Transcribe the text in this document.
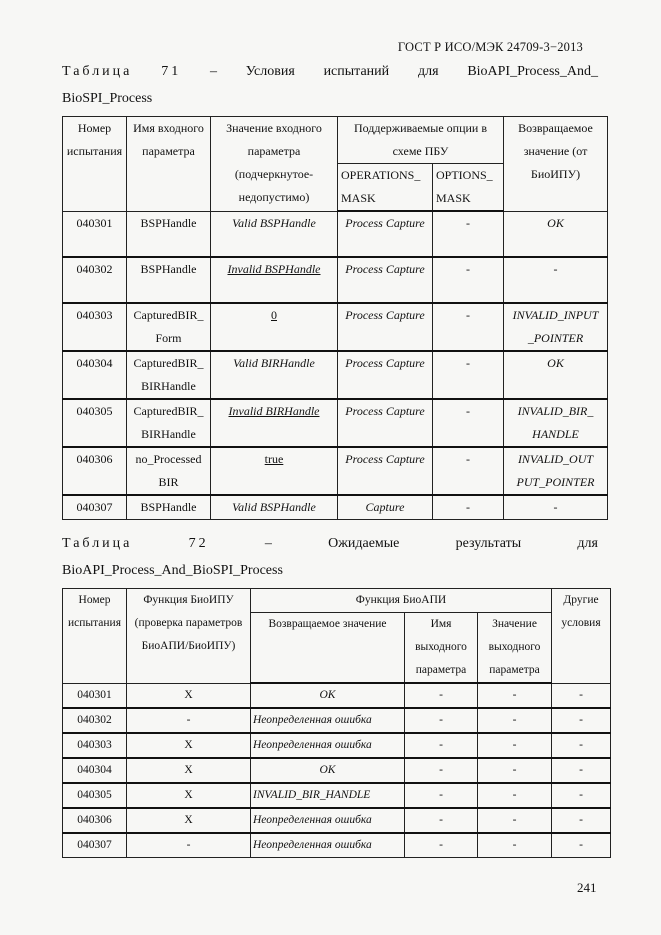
ГОСТ Р ИСО/МЭК 24709-3−2013
Таблица 71 – Условия испытаний для BioAPI_Process_And_
BioSPI_Process
Номер испытания	Имя входного параметра	Значение входного параметра (подчеркнутое-недопустимо)	Поддерживаемые опции в схеме ПБУ		Возвращаемое значение (от БиоИПУ)
			OPERATIONS_ MASK	OPTIONS_ MASK	
040301	BSPHandle	Valid BSPHandle	Process Capture	-	OK
040302	BSPHandle	Invalid BSPHandle	Process Capture	-	-
040303	CapturedBIR_ Form	0	Process Capture	-	INVALID_INPUT _POINTER
040304	CapturedBIR_ BIRHandle	Valid BIRHandle	Process Capture	-	OK
040305	CapturedBIR_ BIRHandle	Invalid BIRHandle	Process Capture	-	INVALID_BIR_ HANDLE
040306	no_Processed BIR	true	Process Capture	-	INVALID_OUT PUT_POINTER
040307	BSPHandle	Valid BSPHandle	Capture	-	-
Таблица	72	–	Ожидаемые	результаты	для
BioAPI_Process_And_BioSPI_Process
Номер испытания	Функция БиоИПУ (проверка параметров БиоАПИ/БиоИПУ)	Функция БиоАПИ			Другие условия
		Возвращаемое значение	Имя выходного параметра	Значение выходного параметра	
040301	X	OK	-	-	-
040302	-	Неопределенная ошибка	-	-	-
040303	X	Неопределенная ошибка	-	-	-
040304	X	OK	-	-	-
040305	X	INVALID_BIR_HANDLE	-	-	-
040306	X	Неопределенная ошибка	-	-	-
040307	-	Неопределенная ошибка	-	-	-
241
